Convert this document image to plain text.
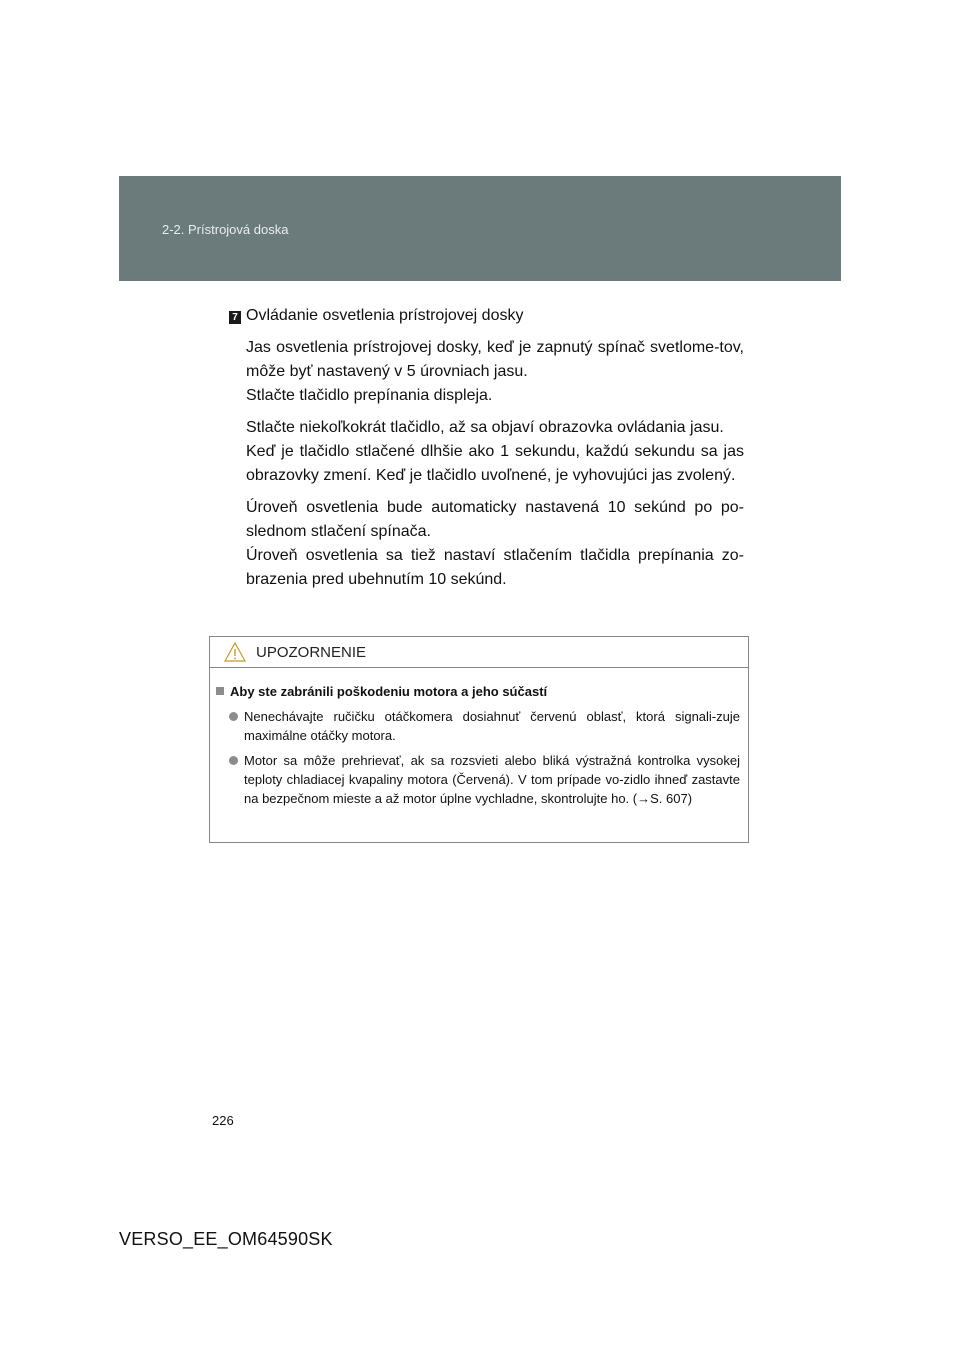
2-2. Prístrojová doska
7 Ovládanie osvetlenia prístrojovej dosky

Jas osvetlenia prístrojovej dosky, keď je zapnutý spínač svetlome-tov, môže byť nastavený v 5 úrovniach jasu.
Stlačte tlačidlo prepínania displeja.

Stlačte niekoľkokrát tlačidlo, až sa objaví obrazovka ovládania jasu.
Keď je tlačidlo stlačené dlhšie ako 1 sekundu, každú sekundu sa jas obrazovky zmení. Keď je tlačidlo uvoľnené, je vyhovujúci jas zvolený.

Úroveň osvetlenia bude automaticky nastavená 10 sekúnd po po-slednom stlačení spínača.
Úroveň osvetlenia sa tiež nastaví stlačením tlačidla prepínania zo-brazenia pred ubehnutím 10 sekúnd.

UPOZORNENIE
Aby ste zabránili poškodeniu motora a jeho súčastí
Nenechávajte ručičku otáčkomera dosiahnuť červenú oblasť, ktorá signali-zuje maximálne otáčky motora.
Motor sa môže prehrievať, ak sa rozsvieti alebo bliká výstražná kontrolka vysokej teploty chladiacej kvapaliny motora (Červená). V tom prípade vo-zidlo ihneď zastavte na bezpečnom mieste a až motor úplne vychladne, skontrolujte ho. (→S. 607)
226
VERSO_EE_OM64590SK
